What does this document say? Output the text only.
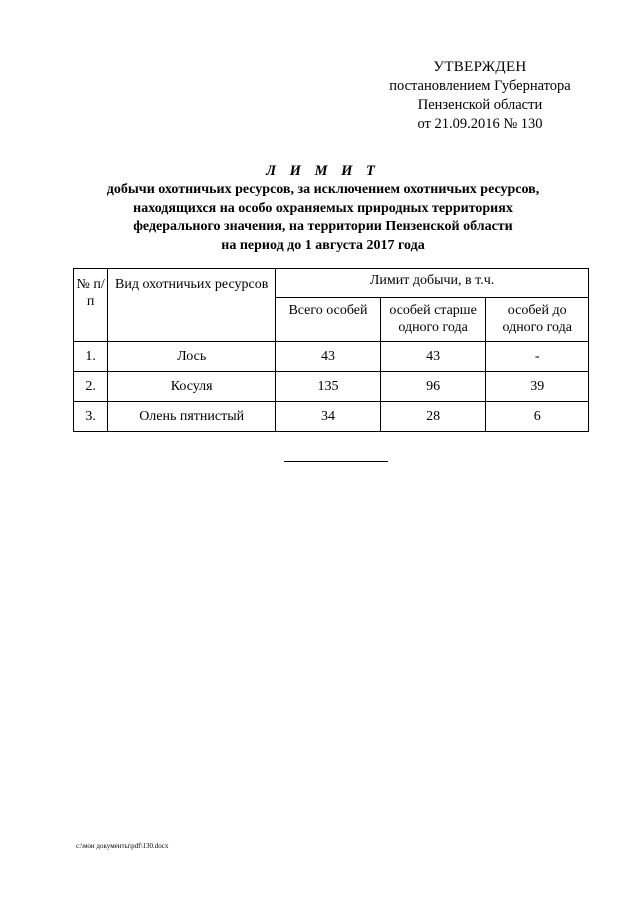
УТВЕРЖДЕН
постановлением Губернатора
Пензенской области
от 21.09.2016 № 130
Л И М И Т
добычи охотничьих ресурсов, за исключением охотничьих ресурсов,
находящихся на особо охраняемых природных территориях
федерального значения, на территории Пензенской области
на период до 1 августа 2017 года
№ п/п	Вид охотничьих ресурсов	Лимит добычи, в т.ч.		
		Всего особей	особей старше одного года	особей до одного года
1.	Лось	43	43	-
2.	Косуля	135	96	39
3.	Олень пятнистый	34	28	6
c:\мои документы\pdf\130.docx
